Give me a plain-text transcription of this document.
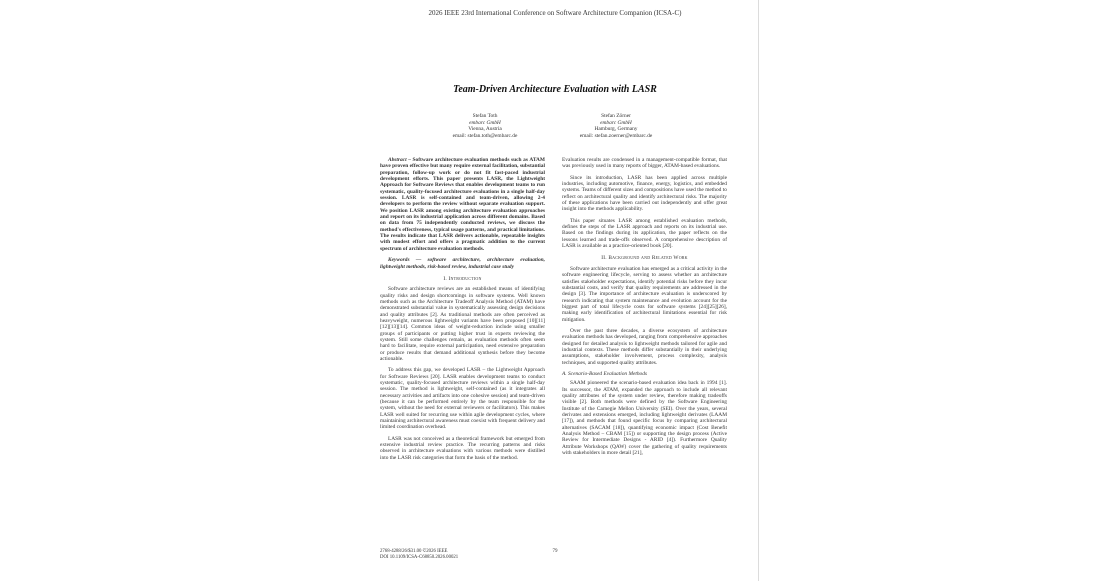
2026 IEEE 23rd International Conference on Software Architecture Companion (ICSA-C)
Team-Driven Architecture Evaluation with LASR
Stefan Toth
embarc GmbH
Vienna, Austria
email: stefan.toth@embarc.de
Stefan Zörner
embarc GmbH
Hamburg, Germany
email: stefan.zoerner@embarc.de

Abstract – Software architecture evaluation methods such as ATAM have proven effective but many require external facilitation, substantial preparation, follow-up work or do not fit fast-paced industrial development efforts. This paper presents LASR, the Lightweight Approach for Software Reviews that enables development teams to run systematic, quality-focused architecture evaluations in a single half-day session. LASR is self-contained and team-driven, allowing 2-4 developers to perform the review without separate evaluation support. We position LASR among existing architecture evaluation approaches and report on its industrial application across different domains. Based on data from 75 independently conducted reviews, we discuss the method's effectiveness, typical usage patterns, and practical limitations. The results indicate that LASR delivers actionable, repeatable insights with modest effort and offers a pragmatic addition to the current spectrum of architecture evaluation methods.

Keywords — software architecture, architecture evaluation, lightweight methods, risk-based review, industrial case study

I. Introduction

Software architecture reviews are an established means of identifying quality risks and design shortcomings in software systems. Well known methods such as the Architecture Tradeoff Analysis Method (ATAM) have demonstrated substantial value in systematically assessing design decisions and quality attributes [2]. As traditional methods are often perceived as heavyweight, numerous lightweight variants have been proposed [10][11][12][13][14]. Common ideas of weight-reduction include using smaller groups of participants or putting higher trust in experts reviewing the system. Still some challenges remain, as evaluation methods often seem hard to facilitate, require external participation, need extensive preparation or produce results that demand additional synthesis before they become actionable.

To address this gap, we developed LASR – the Lightweight Approach for Software Reviews [20]. LASR enables development teams to conduct systematic, quality-focused architecture reviews within a single half-day session. The method is lightweight, self-contained (as it integrates all necessary activities and artifacts into one cohesive session) and team-driven (because it can be performed entirely by the team responsible for the system, without the need for external reviewers or facilitators). This makes LASR well suited for recurring use within agile development cycles, where maintaining architectural awareness must coexist with frequent delivery and limited coordination overhead.

LASR was not conceived as a theoretical framework but emerged from extensive industrial review practice. The recurring patterns and risks observed in architecture evaluations with various methods were distilled into the LASR risk categories that form the basis of the method.

Evaluation results are condensed in a management-compatible format, that was previously used in many reports of bigger, ATAM-based evaluations.

Since its introduction, LASR has been applied across multiple industries, including automotive, finance, energy, logistics, and embedded systems. Teams of different sizes and compositions have used the method to reflect on architectural quality and identify architectural risks. The majority of these applications have been carried out independently and offer great insight into the methods applicability.

This paper situates LASR among established evaluation methods, defines the steps of the LASR approach and reports on its industrial use. Based on the findings during its application, the paper reflects on the lessons learned and trade-offs observed. A comprehensive description of LASR is available as a practice-oriented book [20].

II. Background and Related Work

Software architecture evaluation has emerged as a critical activity in the software engineering lifecycle, serving to assess whether an architecture satisfies stakeholder expectations, identify potential risks before they incur substantial costs, and verify that quality requirements are addressed in the design [3]. The importance of architecture evaluation is underscored by research indicating that system maintenance and evolution account for the biggest part of total lifecycle costs for software systems [24][25][26], making early identification of architectural limitations essential for risk mitigation.

Over the past three decades, a diverse ecosystem of architecture evaluation methods has developed, ranging from comprehensive approaches designed for detailed analysis to lightweight methods tailored for agile and industrial contexts. These methods differ substantially in their underlying assumptions, stakeholder involvement, process complexity, analysis techniques, and supported quality attributes.

A. Scenario-Based Evaluation Methods

SAAM pioneered the scenario-based evaluation idea back in 1994 [1]. Its successor, the ATAM, expanded the approach to include all relevant quality attributes of the system under review, therefore making tradeoffs visible [2]. Both methods were defined by the Software Engineering Institute of the Carnegie Mellon University (SEI). Over the years, several derivates and extensions emerged, including lightweight derivates (LAAM [17]), and methods that found specific focus by comparing architectural alternatives (SACAM [18]), quantifying economic impact (Cost Benefit Analysis Method – CBAM [15]) or supporting the design process (Active Review for Intermediate Designs - ARID [4]). Furthermore Quality Attribute Workshops (QAW) cover the gathering of quality requirements with stakeholders in more detail [21],

2768-4288/26/$31.00 ©2026 IEEE
DOI 10.1109/ICSA-C68850.2026.00021
79
